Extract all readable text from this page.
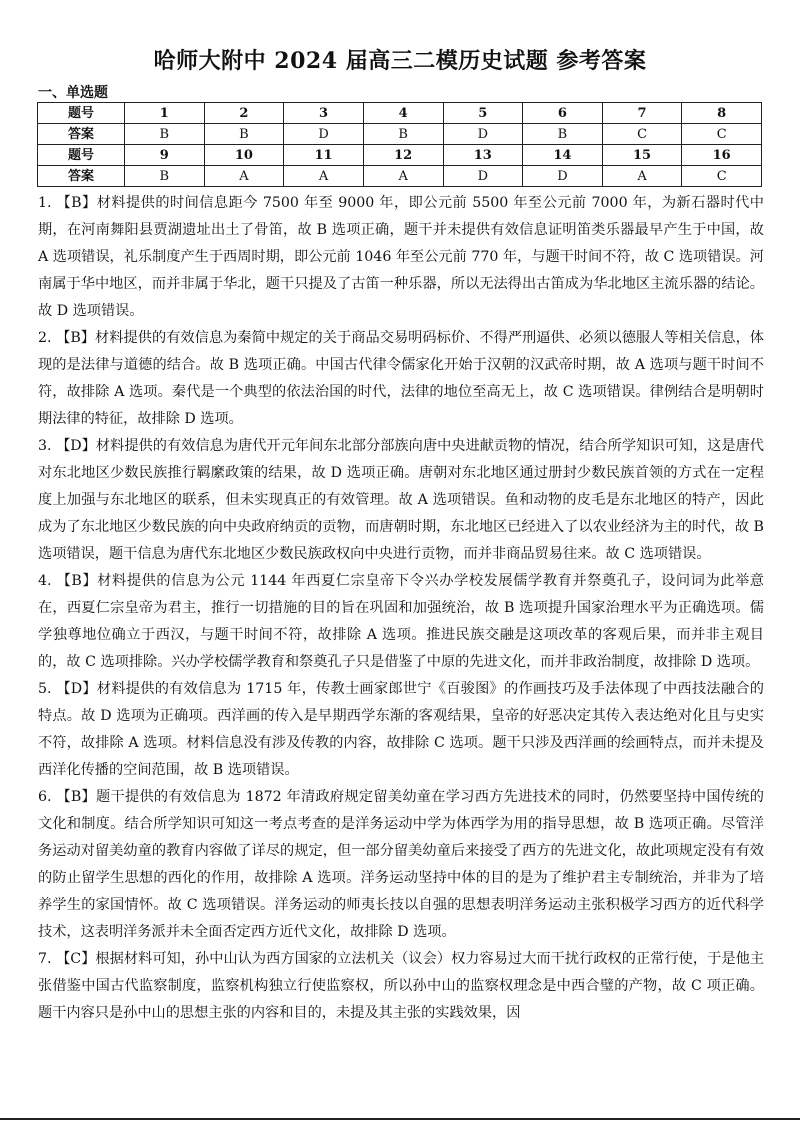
哈师大附中 2024 届高三二模历史试题 参考答案
一、单选题
题号	1	2	3	4	5	6	7	8
答案	B	B	D	B	D	B	C	C
题号	9	10	11	12	13	14	15	16
答案	B	A	A	A	D	D	A	C

1. 【B】材料提供的时间信息距今 7500 年至 9000 年，即公元前 5500 年至公元前 7000 年，为新石器时代中期，在河南舞阳县贾湖遗址出土了骨笛，故 B 选项正确，题干并未提供有效信息证明笛类乐器最早产生于中国，故 A 选项错误，礼乐制度产生于西周时期，即公元前 1046 年至公元前 770 年，与题干时间不符，故 C 选项错误。河南属于华中地区，而并非属于华北，题干只提及了古笛一种乐器，所以无法得出古笛成为华北地区主流乐器的结论。故 D 选项错误。

2. 【B】材料提供的有效信息为秦简中规定的关于商品交易明码标价、不得严刑逼供、必须以德服人等相关信息，体现的是法律与道德的结合。故 B 选项正确。中国古代律令儒家化开始于汉朝的汉武帝时期，故 A 选项与题干时间不符，故排除 A 选项。秦代是一个典型的依法治国的时代，法律的地位至高无上，故 C 选项错误。律例结合是明朝时期法律的特征，故排除 D 选项。

3. 【D】材料提供的有效信息为唐代开元年间东北部分部族向唐中央进献贡物的情况，结合所学知识可知，这是唐代对东北地区少数民族推行羁縻政策的结果，故 D 选项正确。唐朝对东北地区通过册封少数民族首领的方式在一定程度上加强与东北地区的联系，但未实现真正的有效管理。故 A 选项错误。鱼和动物的皮毛是东北地区的特产，因此成为了东北地区少数民族的向中央政府纳贡的贡物，而唐朝时期，东北地区已经进入了以农业经济为主的时代，故 B 选项错误，题干信息为唐代东北地区少数民族政权向中央进行贡物，而并非商品贸易往来。故 C 选项错误。

4. 【B】材料提供的信息为公元 1144 年西夏仁宗皇帝下令兴办学校发展儒学教育并祭奠孔子，设问词为此举意在，西夏仁宗皇帝为君主，推行一切措施的目的旨在巩固和加强统治，故 B 选项提升国家治理水平为正确选项。儒学独尊地位确立于西汉，与题干时间不符，故排除 A 选项。推进民族交融是这项改革的客观后果，而并非主观目的，故 C 选项排除。兴办学校儒学教育和祭奠孔子只是借鉴了中原的先进文化，而并非政治制度，故排除 D 选项。

5. 【D】材料提供的有效信息为 1715 年，传教士画家郎世宁《百骏图》的作画技巧及手法体现了中西技法融合的特点。故 D 选项为正确项。西洋画的传入是早期西学东渐的客观结果，皇帝的好恶决定其传入表达绝对化且与史实不符，故排除 A 选项。材料信息没有涉及传教的内容，故排除 C 选项。题干只涉及西洋画的绘画特点，而并未提及西洋化传播的空间范围，故 B 选项错误。

6. 【B】题干提供的有效信息为 1872 年清政府规定留美幼童在学习西方先进技术的同时，仍然要坚持中国传统的文化和制度。结合所学知识可知这一考点考查的是洋务运动中学为体西学为用的指导思想，故 B 选项正确。尽管洋务运动对留美幼童的教育内容做了详尽的规定，但一部分留美幼童后来接受了西方的先进文化，故此项规定没有有效的防止留学生思想的西化的作用，故排除 A 选项。洋务运动坚持中体的目的是为了维护君主专制统治，并非为了培养学生的家国情怀。故 C 选项错误。洋务运动的师夷长技以自强的思想表明洋务运动主张积极学习西方的近代科学技术，这表明洋务派并未全面否定西方近代文化，故排除 D 选项。

7. 【C】根据材料可知，孙中山认为西方国家的立法机关（议会）权力容易过大而干扰行政权的正常行使，于是他主张借鉴中国古代监察制度，监察机构独立行使监察权，所以孙中山的监察权理念是中西合璧的产物，故 C 项正确。题干内容只是孙中山的思想主张的内容和目的，未提及其主张的实践效果，因
